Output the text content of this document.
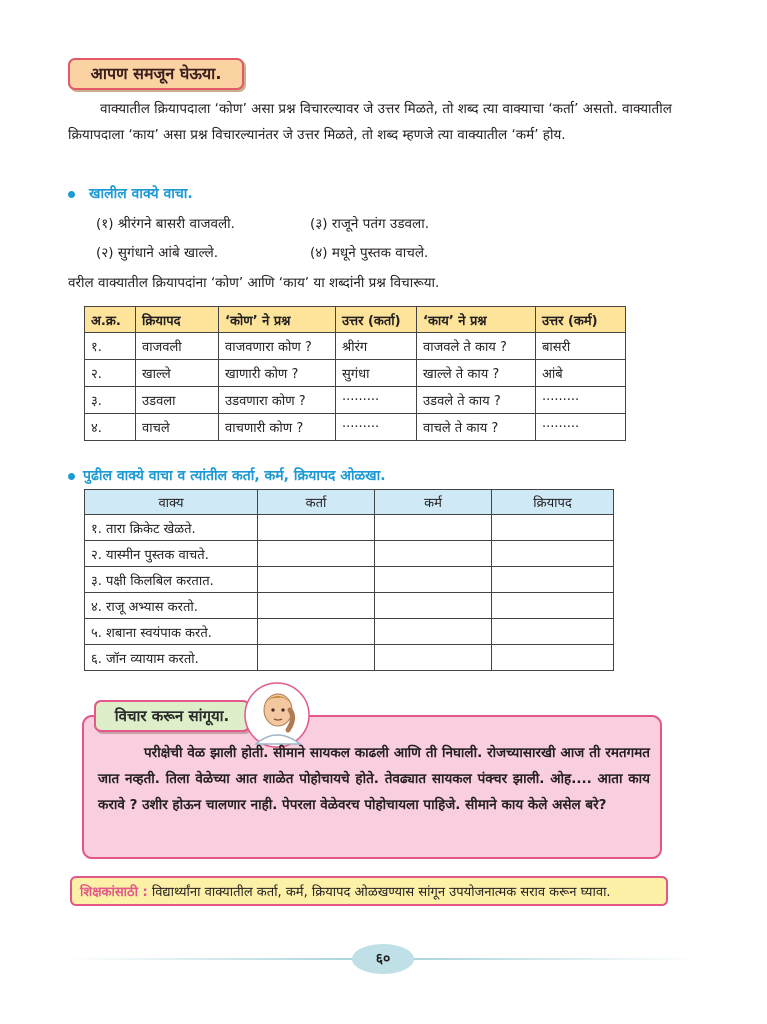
आपण समजून घेऊया.
वाक्यातील क्रियापदाला ‘कोण’ असा प्रश्न विचारल्यावर जे उत्तर मिळते, तो शब्द त्या वाक्याचा ‘कर्ता’ असतो. वाक्यातील क्रियापदाला ‘काय’ असा प्रश्न विचारल्यानंतर जे उत्तर मिळते, तो शब्द म्हणजे त्या वाक्यातील ‘कर्म’ होय.
खालील वाक्ये वाचा.
(१) श्रीरंगने बासरी वाजवली.	(३) राजूने पतंग उडवला.
(२) सुगंधाने आंबे खाल्ले.	(४) मधूने पुस्तक वाचले.
वरील वाक्यातील क्रियापदांना ‘कोण’ आणि ‘काय’ या शब्दांनी प्रश्न विचारूया.
अ.क्र.	क्रियापद	‘कोण’ ने प्रश्न	उत्तर (कर्ता)	‘काय’ ने प्रश्न	उत्तर (कर्म)
१.	वाजवली	वाजवणारा कोण ?	श्रीरंग	वाजवले ते काय ?	बासरी
२.	खाल्ले	खाणारी कोण ?	सुगंधा	खाल्ले ते काय ?	आंबे
३.	उडवला	उडवणारा कोण ?	·········	उडवले ते काय ?	·········
४.	वाचले	वाचणारी कोण ?	·········	वाचले ते काय ?	·········
पुढील वाक्ये वाचा व त्यांतील कर्ता, कर्म, क्रियापद ओळखा.
वाक्य	कर्ता	कर्म	क्रियापद
१. तारा क्रिकेट खेळते.			
२. यास्मीन पुस्तक वाचते.			
३. पक्षी किलबिल करतात.			
४. राजू अभ्यास करतो.			
५. शबाना स्वयंपाक करते.			
६. जॉन व्यायाम करतो.			
विचार करून सांगूया.
परीक्षेची वेळ झाली होती. सीमाने सायकल काढली आणि ती निघाली. रोजच्यासारखी आज ती रमतगमत जात नव्हती. तिला वेळेच्या आत शाळेत पोहोचायचे होते. तेवढ्यात सायकल पंक्चर झाली. ओह.... आता काय करावे ? उशीर होऊन चालणार नाही. पेपरला वेळेवरच पोहोचायला पाहिजे. सीमाने काय केले असेल बरे?
शिक्षकांसाठी : विद्यार्थ्यांना वाक्यातील कर्ता, कर्म, क्रियापद ओळखण्यास सांगून उपयोजनात्मक सराव करून घ्यावा.
६०
